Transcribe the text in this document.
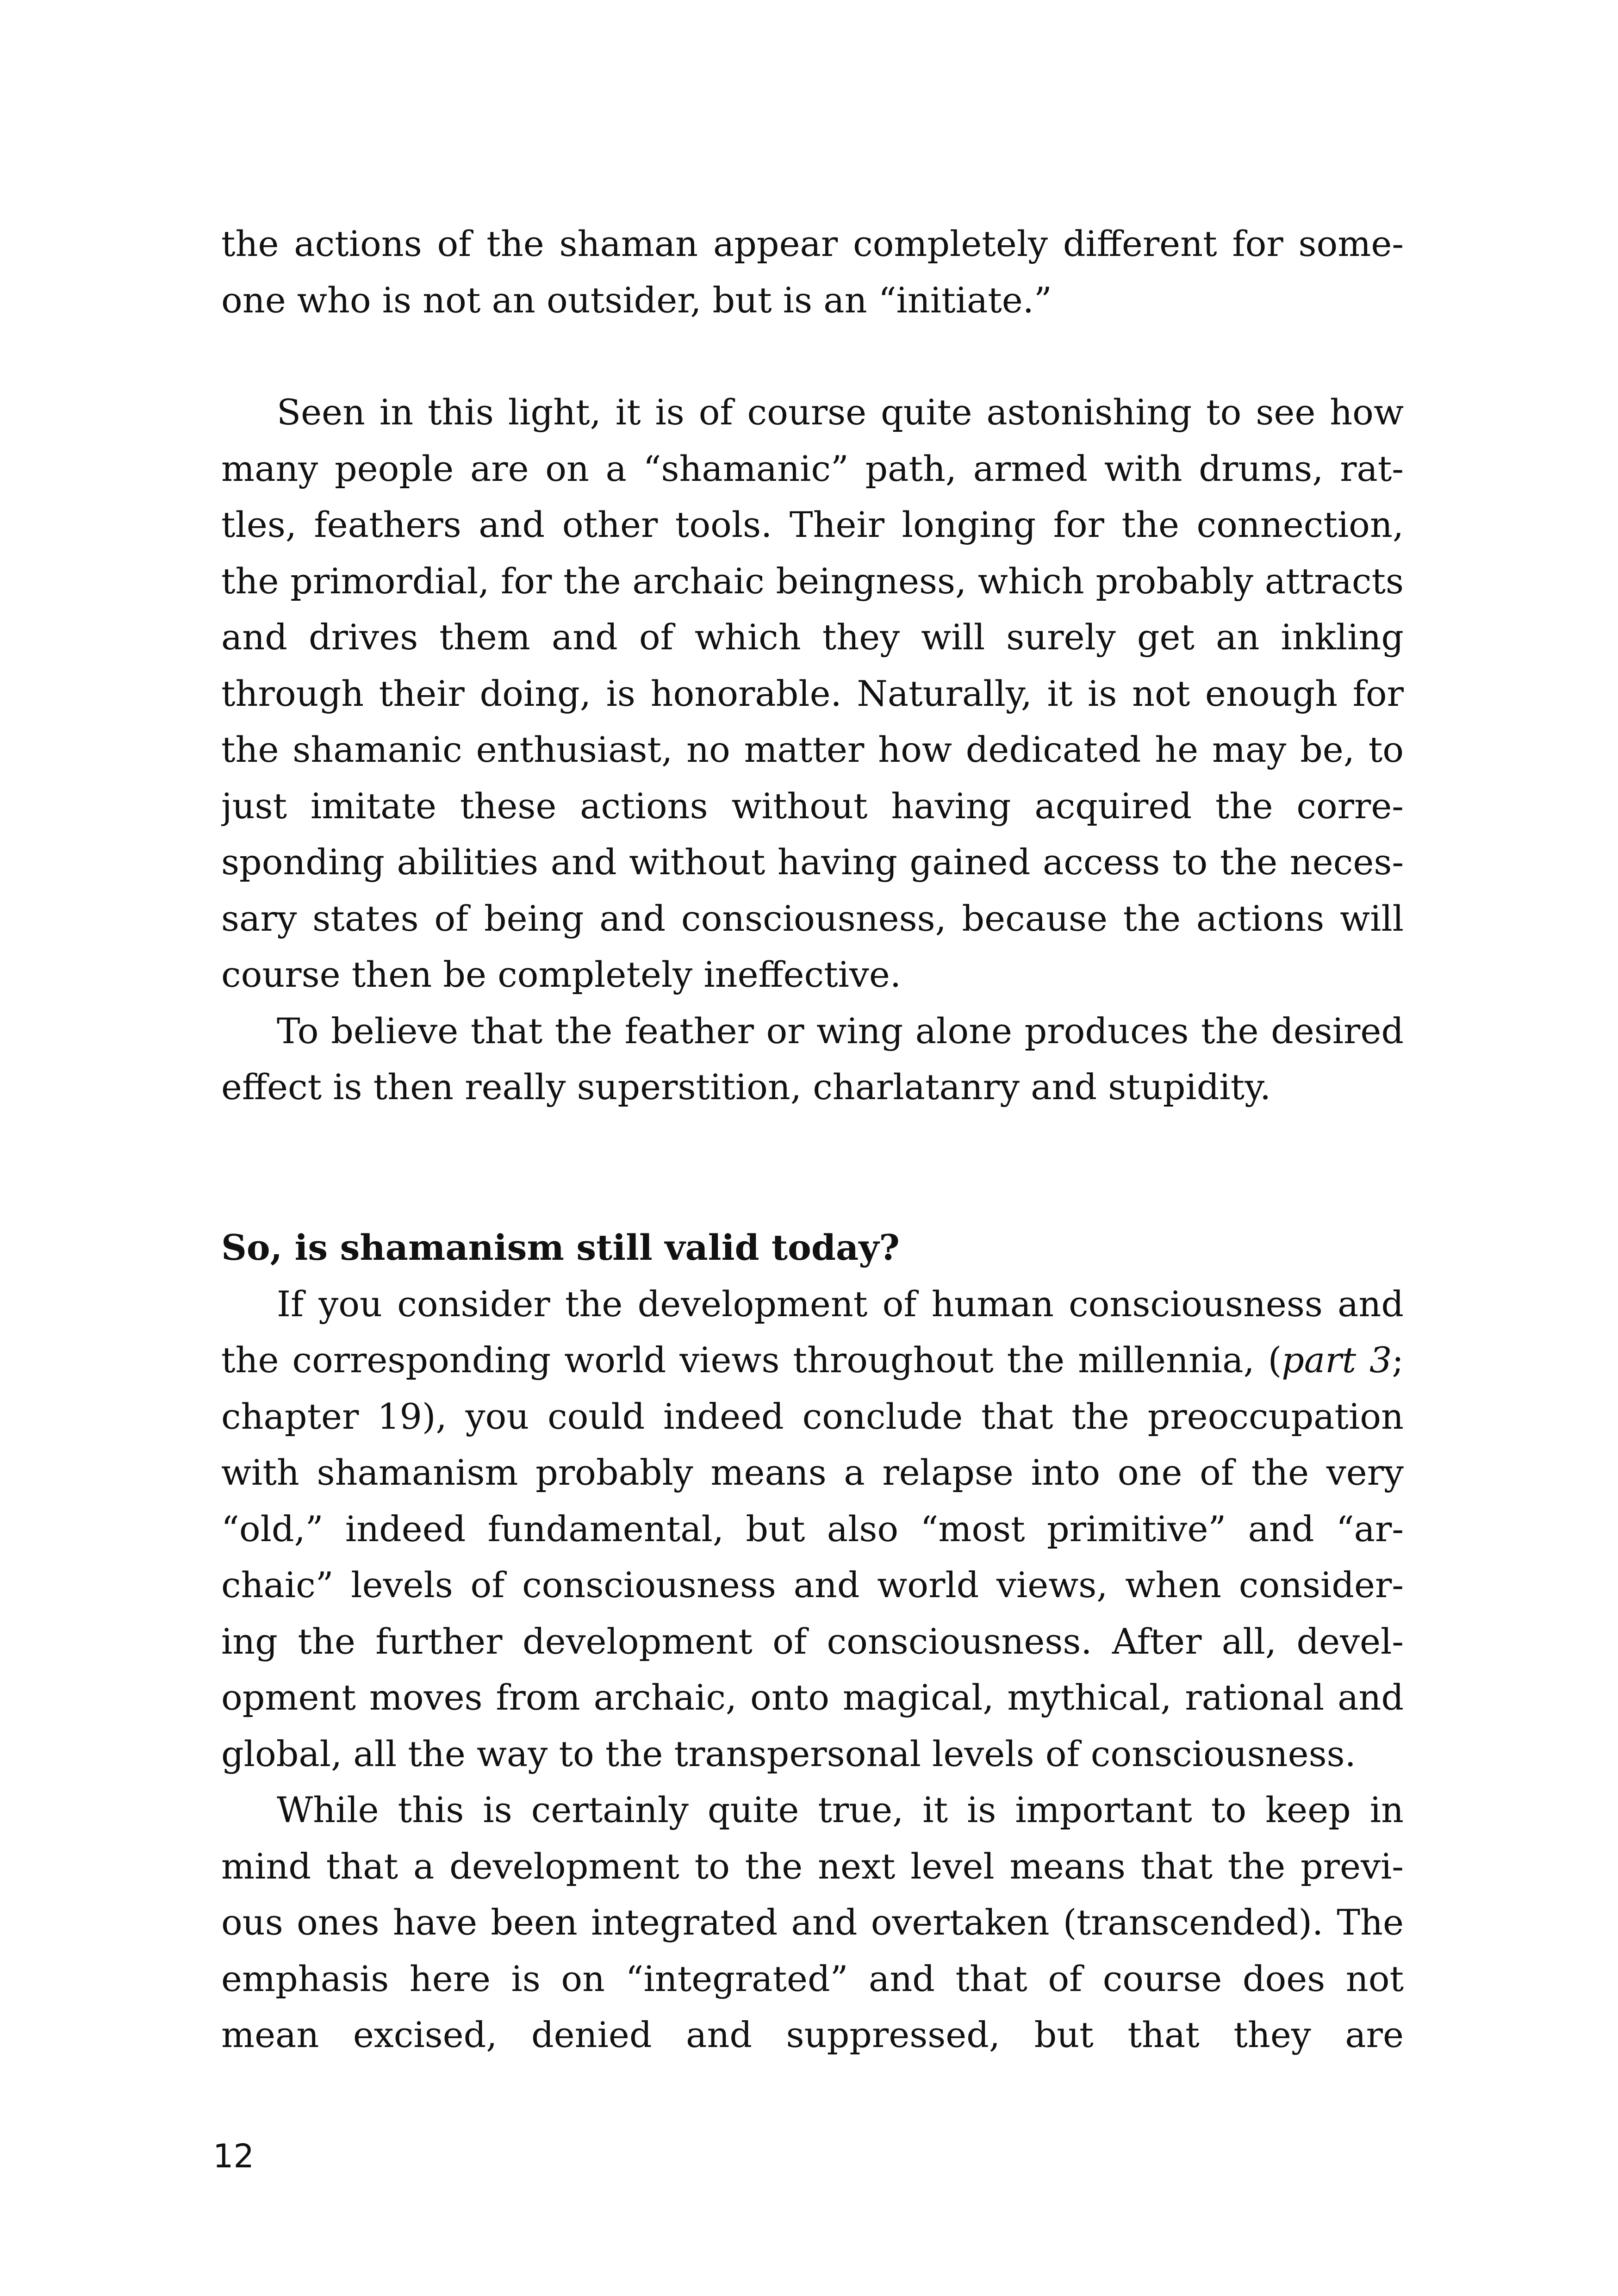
the actions of the shaman appear completely different for some-
one who is not an outsider, but is an “initiate.”
Seen in this light, it is of course quite astonishing to see how
many people are on a “shamanic” path, armed with drums, rat-
tles, feathers and other tools. Their longing for the connection,
the primordial, for the archaic beingness, which probably attracts
and drives them and of which they will surely get an inkling
through their doing, is honorable. Naturally, it is not enough for
the shamanic enthusiast, no matter how dedicated he may be, to
just imitate these actions without having acquired the corre-
sponding abilities and without having gained access to the neces-
sary states of being and consciousness, because the actions will
course then be completely ineffective.
To believe that the feather or wing alone produces the desired
effect is then really superstition, charlatanry and stupidity.
So, is shamanism still valid today?
If you consider the development of human consciousness and
the corresponding world views throughout the millennia, (part 3;
chapter 19), you could indeed conclude that the preoccupation
with shamanism probably means a relapse into one of the very
“old,” indeed fundamental, but also “most primitive” and “ar-
chaic” levels of consciousness and world views, when consider-
ing the further development of consciousness. After all, devel-
opment moves from archaic, onto magical, mythical, rational and
global, all the way to the transpersonal levels of consciousness.
While this is certainly quite true, it is important to keep in
mind that a development to the next level means that the previ-
ous ones have been integrated and overtaken (transcended). The
emphasis here is on “integrated” and that of course does not
mean excised, denied and suppressed, but that they are
12
